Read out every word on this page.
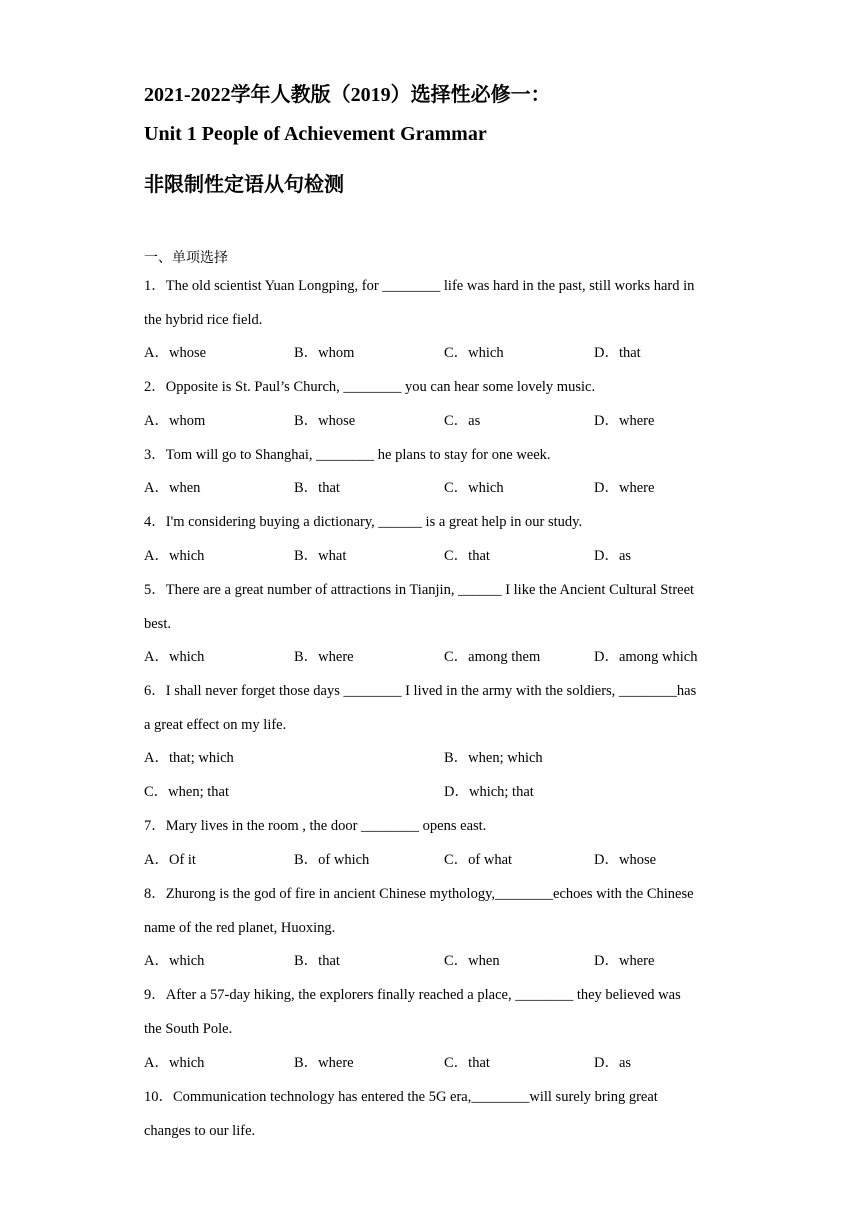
2021-2022学年人教版（2019）选择性必修一：
Unit 1 People of Achievement Grammar
非限制性定语从句检测
一、单项选择
1．The old scientist Yuan Longping, for ________ life was hard in the past, still works hard in
the hybrid rice field.
A．whose	B．whom	C．which	D．that
2．Opposite is St. Paul’s Church, ________ you can hear some lovely music.
A．whom	B．whose	C．as	D．where
3．Tom will go to Shanghai, ________ he plans to stay for one week.
A．when	B．that	C．which	D．where
4．I'm considering buying a dictionary, ______ is a great help in our study.
A．which	B．what	C．that	D．as
5．There are a great number of attractions in Tianjin, ______ I like the Ancient Cultural Street
best.
A．which	B．where	C．among them	D．among which
6．I shall never forget those days ________ I lived in the army with the soldiers, ________has
a great effect on my life.
A．that; which	B．when; which
C．when; that	D．which; that
7．Mary lives in the room , the door ________ opens east.
A．Of it	B．of which	C．of what	D．whose
8．Zhurong is the god of fire in ancient Chinese mythology,________echoes with the Chinese
name of the red planet, Huoxing.
A．which	B．that	C．when	D．where
9．After a 57-day hiking, the explorers finally reached a place, ________ they believed was
the South Pole.
A．which	B．where	C．that	D．as
10．Communication technology has entered the 5G era,________will surely bring great
changes to our life.
